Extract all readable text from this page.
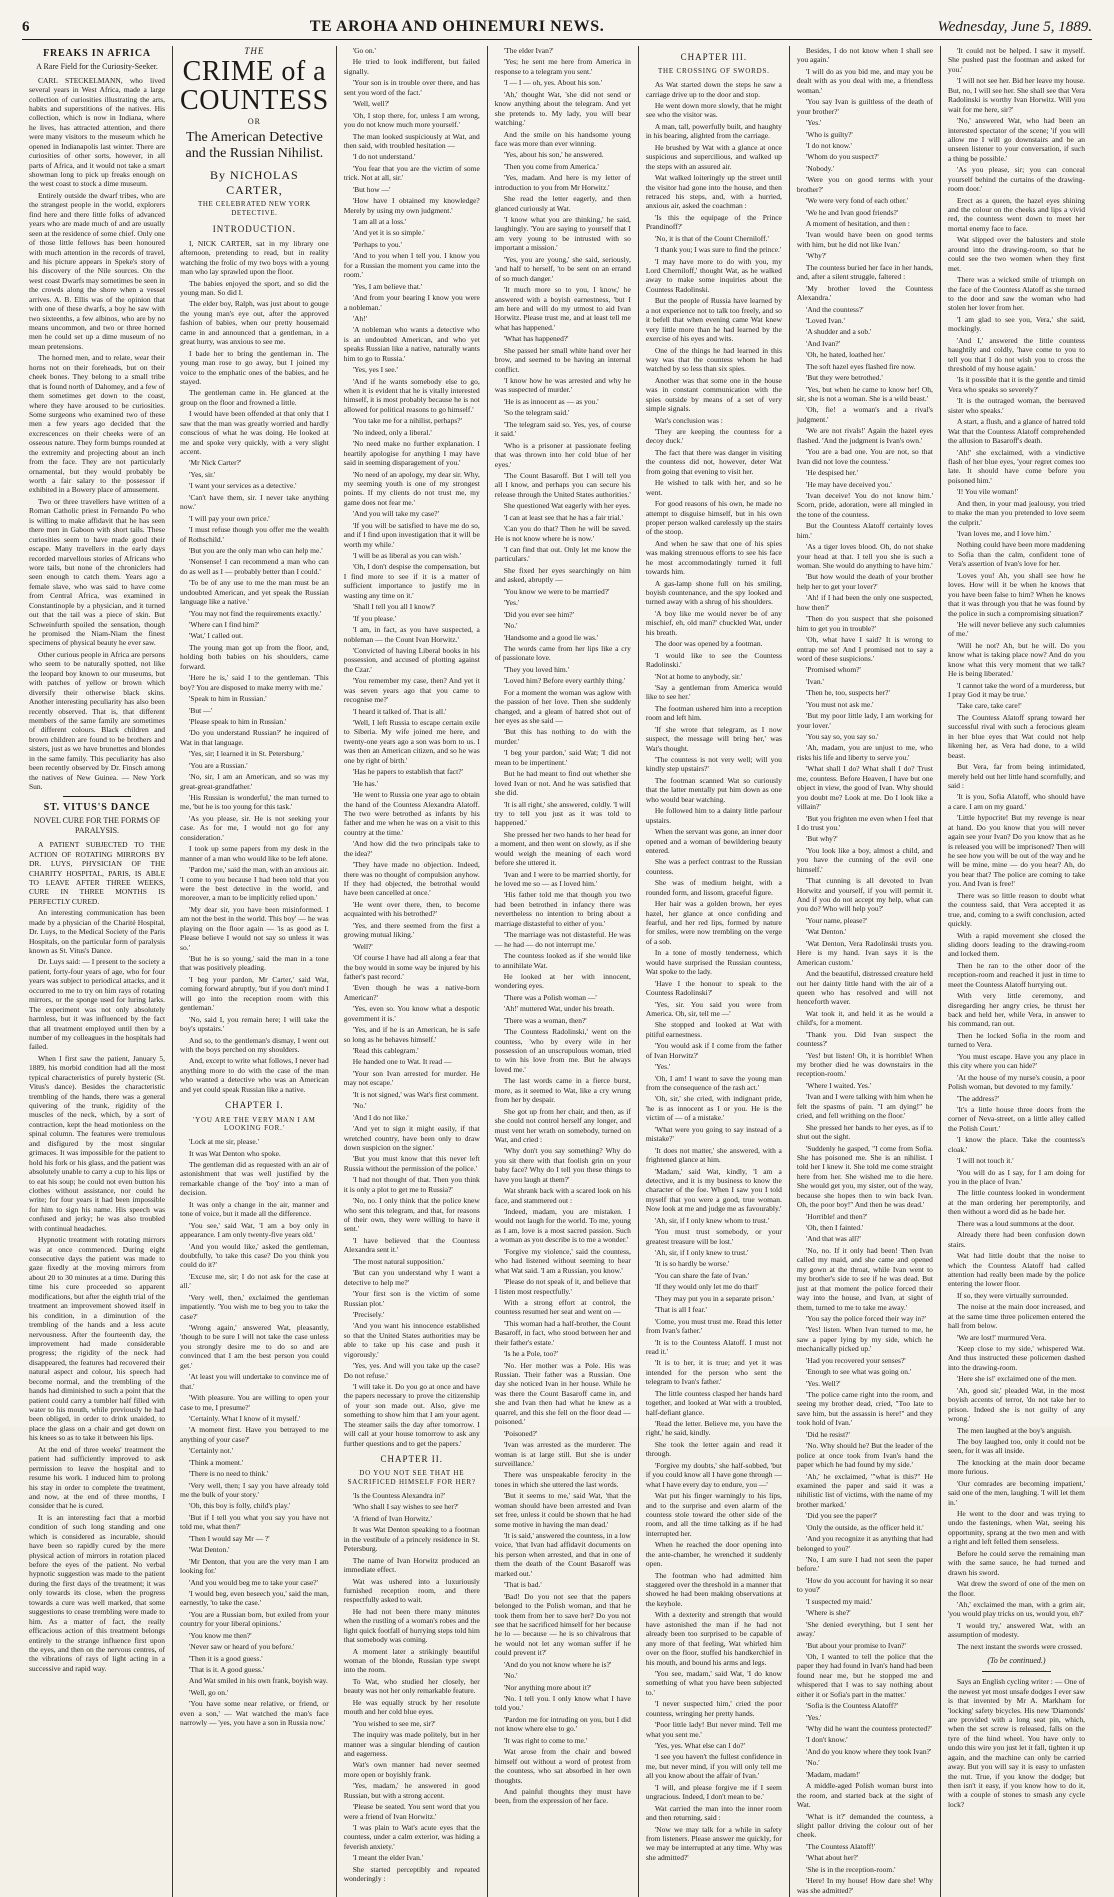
6	TE AROHA AND OHINEMURI NEWS.	Wednesday, June 5, 1889.
FREAKS IN AFRICA
A Rare Field for the Curiosity-Seeker.

CARL STECKELMANN, who lived several years in West Africa, made a large collection of curiosities illustrating the arts, habits and superstitions of the natives. His collection, which is now in Indiana, where he lives, has attracted attention, and there were many visitors to the museum which he opened in Indianapolis last winter. There are curiosities of other sorts, however, in all parts of Africa, and it would not take a smart showman long to pick up freaks enough on the west coast to stock a dime museum.

Entirely outside the dwarf tribes, who are the strangest people in the world, explorers find here and there little folks of advanced years who are made much of and are usually seen at the residence of some chief. Only one of those little fellows has been honoured with much attention in the records of travel, and his picture appears in Speke's story of his discovery of the Nile sources. On the west coast Dwarfs may sometimes be seen in the crowds along the shore when a vessel arrives. A. B. Ellis was of the opinion that with one of these dwarfs, a boy he saw with two sixteenths, a few albinos, who are by no means uncommon, and two or three horned men he could set up a dime museum of no mean pretensions.

The horned men, and to relate, wear their horns not on their foreheads, but on their cheek bones. They belong to a small tribe that is found north of Dahomey, and a few of them sometimes get down to the coast, where they have aroused to be curiosities. Some surgeons who examined two of these men a few years ago decided that the excrescences on their cheeks were of an osseous nature. They form bumps rounded at the extremity and projecting about an inch from the face. They are not particularly ornamental, but they would probably be worth a fair salary to the possessor if exhibited in a Bowery place of amusement.

Two or three travellers have written of a Roman Catholic priest in Fernando Po who is willing to make affidavit that he has seen there men in Gaboon with short tails. These curiosities seem to have made good their escape. Many travellers in the early days recorded marvellous stories of Africans who wore tails, but none of the chroniclers had seen enough to catch them. Years ago a female slave, who was said to have come from Central Africa, was examined in Constantinople by a physician, and it turned out that the tail was a piece of skin. But Schweinfurth spoiled the sensation, though he promised the Niam-Niam the finest specimens of physical beauty he ever saw.

Other curious people in Africa are persons who seem to be naturally spotted, not like the leopard boy known to our museums, but with patches of yellow or brown which diversify their otherwise black skins. Another interesting peculiarity has also been recently observed. That is, that different members of the same family are sometimes of different colours. Black children and brown children are found to be brothers and sisters, just as we have brunettes and blondes in the same family. This peculiarity has also been recently observed by Dr. Finsch among the natives of New Guinea. — New York Sun.

ST. VITUS'S DANCE
NOVEL CURE FOR THE FORMS OF PARALYSIS.

A PATIENT SUBJECTED TO THE ACTION OF ROTATING MIRRORS BY DR. LUYS, PHYSICIAN OF THE CHARITY HOSPITAL, PARIS, IS ABLE TO LEAVE AFTER THREE WEEKS, CURE IN THREE MONTHS IS PERFECTLY CURED.

An interesting communication has been made by a physician of the Charité Hospital, Dr. Luys, to the Medical Society of the Paris Hospitals, on the particular form of paralysis known as St. Vitus's Dance.

Dr. Luys said: — I present to the society a patient, forty-four years of age, who for four years was subject to periodical attacks, and it occurred to me to try on him rays of rotating mirrors, or the sponge used for luring larks. The experiment was not only absolutely harmless, but it was influenced by the fact that all treatment employed until then by a number of my colleagues in the hospitals had failed.

When I first saw the patient, January 5, 1889, his morbid condition had all the most typical characteristics of purely hysteric (St. Vitus's dance). Besides the characteristic trembling of the hands, there was a general quivering of the trunk, rigidity of the muscles of the neck, which, by a sort of contraction, kept the head motionless on the spinal column. The features were tremulous and disfigured by the most singular grimaces. It was impossible for the patient to hold his fork or his glass, and the patient was absolutely unable to carry a cup to his lips or to eat his soup; he could not even button his clothes without assistance, nor could he write; for four years it had been impossible for him to sign his name. His speech was confused and jerky; he was also troubled with continual headaches.

Hypnotic treatment with rotating mirrors was at once commenced. During eight consecutive days the patient was made to gaze fixedly at the moving mirrors from about 20 to 30 minutes at a time. During this time his cure proceeded so apparent modifications, but after the eighth trial of the treatment an improvement showed itself in his condition, in a diminution of the trembling of the hands and a less acute nervousness. After the fourteenth day, the improvement had made considerable progress; the rigidity of the neck had disappeared, the features had recovered their natural aspect and colour, his speech had become normal, and the trembling of the hands had diminished to such a point that the patient could carry a tumbler half filled with water to his mouth, while previously he had been obliged, in order to drink unaided, to place the glass on a chair and get down on his knees so as to take it between his lips.

At the end of three weeks' treatment the patient had sufficiently improved to ask permission to leave the hospital and to resume his work. I induced him to prolong his stay in order to complete the treatment, and now, at the end of three months, I consider that he is cured.

It is an interesting fact that a morbid condition of such long standing and one which is considered as incurable, should have been so rapidly cured by the mere physical action of mirrors in rotation placed before the eyes of the patient. No verbal hypnotic suggestion was made to the patient during the first days of the treatment; it was only towards its close, when the progress towards a cure was well marked, that some suggestions to cease trembling were made to him. As a matter of fact, the really efficacious action of this treatment belongs entirely to the strange influence first upon the eyes, and then on the nervous centres, of the vibrations of rays of light acting in a successive and rapid way.

THE
CRIME of a COUNTESS
OR
The American Detective and the Russian Nihilist.
By NICHOLAS CARTER,
THE CELEBRATED NEW YORK DETECTIVE.
INTRODUCTION.

I, NICK CARTER, sat in my library one afternoon, pretending to read, but in reality watching the frolic of my two boys with a young man who lay sprawled upon the floor.

The babies enjoyed the sport, and so did the young man. So did I.

The elder boy, Ralph, was just about to gouge the young man's eye out, after the approved fashion of babies, when our pretty housemaid came in and announced that a gentleman, in a great hurry, was anxious to see me.

I bade her to bring the gentleman in. The young man rose to go away, but I joined my voice to the emphatic ones of the babies, and he stayed.

The gentleman came in. He glanced at the group on the floor and frowned a little.

I would have been offended at that only that I saw that the man was greatly worried and hardly conscious of what he was doing. He looked at me and spoke very quickly, with a very slight accent.

'Mr Nick Carter?'

'Yes, sir.'

'I want your services as a detective.'

'Can't have them, sir. I never take anything now.'

'I will pay your own price.'

'I must refuse though you offer me the wealth of Rothschild.'

'But you are the only man who can help me.'

'Nonsense! I can recommend a man who can do as well as I — probably better than I could.'

'To be of any use to me the man must be an undoubted American, and yet speak the Russian language like a native.'

'You may not find the requirements exactly.'

'Where can I find him?'

'Wat,' I called out.

The young man got up from the floor, and, holding both babies on his shoulders, came forward.

'Here he is,' said I to the gentleman. 'This boy? You are disposed to make merry with me.'

'Speak to him in Russian.'

'But —'

'Please speak to him in Russian.'

'Do you understand Russian?' he inquired of Wat in that language.

'Yes, sir; I learned it in St. Petersburg.'

'You are a Russian.'

'No, sir, I am an American, and so was my great-great-grandfather.'

'His Russian is wonderful,' the man turned to me, 'but he is too young for this task.'

'As you please, sir. He is not seeking your case. As for me, I would not go for any consideration.'

I took up some papers from my desk in the manner of a man who would like to be left alone.

'Pardon me,' said the man, with an anxious air. 'I come to you because I had been told that you were the best detective in the world, and moreover, a man to be implicitly relied upon.'

'My dear sir, you have been misinformed. I am not the best in the world. This boy' — he was playing on the floor again — 'is as good as I. Please believe I would not say so unless it was so.'

'But he is so young,' said the man in a tone that was positively pleading.

'I beg your pardon, Mr Carter,' said Wat, coming forward abruptly, 'but if you don't mind I will go into the reception room with this gentleman.'

'No, said I, you remain here; I will take the boy's upstairs.'

And so, to the gentleman's dismay, I went out with the boys perched on my shoulders.

And, except to write what follows, I never had anything more to do with the case of the man who wanted a detective who was an American and yet could speak Russian like a native.

CHAPTER I.
'YOU ARE THE VERY MAN I AM LOOKING FOR.'

'Lock at me sir, please.'

It was Wat Denton who spoke.

The gentleman did as requested with an air of astonishment that was well justified by the remarkable change of the 'boy' into a man of decision.

It was only a change in the air, manner and tone of voice, but it made all the difference.

'You see,' said Wat, 'I am a boy only in appearance. I am only twenty-five years old.'

'And you would like,' asked the gentleman, doubtfully, 'to take this case? Do you think you could do it?'

'Excuse me, sir; I do not ask for the case at all.'

'Very well, then,' exclaimed the gentleman impatiently. 'You wish me to beg you to take the case?'

'Wrong again,' answered Wat, pleasantly, 'though to be sure I will not take the case unless you strongly desire me to do so and are convinced that I am the best person you could get.'

'At least you will undertake to convince me of that.'

'With pleasure. You are willing to open your case to me, I presume?'

'Certainly. What I know of it myself.'

'A moment first. Have you betrayed to me anything of your case?'

'Certainly not.'

'Think a moment.'

'There is no need to think.'

'Very well, then; I say you have already told me the bulk of your story.'

'Oh, this boy is folly, child's play.'

'But if I tell you what you say you have not told me, what then?'

'Then I would say Mr — ?'

'Wat Denton.'

'Mr Denton, that you are the very man I am looking for.'

'And you would beg me to take your case?'

'I would beg, even beseech you,' said the man, earnestly, 'to take the case.'

'You are a Russian born, but exiled from your country for your liberal opinions.'

'You know me then?'

'Never saw or heard of you before.'

'Then it is a good guess.'

'That is it. A good guess.'

And Wat smiled in his own frank, boyish way.

'Well, go on.'

'You have some near relative, or friend, or even a son,' — Wat watched the man's face narrowly — 'yes, you have a son in Russia now.'

'Go on.'

He tried to look indifferent, but failed signally.

'Your son is in trouble over there, and has sent you word of the fact.'

'Well, well?'

'Oh, I stop there, for, unless I am wrong, you do not know much more yourself.'

The man looked suspiciously at Wat, and then said, with troubled hesitation —

'I do not understand.'

'You fear that you are the victim of some trick. Not at all, sir.'

'But how —'

'How have I obtained my knowledge? Merely by using my own judgment.'

'I am all at a loss.'

'And yet it is so simple.'

'Perhaps to you.'

'And to you when I tell you. I know you for a Russian the moment you came into the room.'

'Yes, I am believe that.'

'And from your bearing I know you were a nobleman.'

'Ah!'

'A nobleman who wants a detective who is an undoubted American, and who yet speaks Russian like a native, naturally wants him to go to Russia.'

'Yes, yes I see.'

'And if he wants somebody else to go, when it is evident that he is vitally interested himself, it is most probably because he is not allowed for political reasons to go himself.'

'You take me for a nihilist, perhaps?'

'No indeed, only a liberal.'

'No need make no further explanation. I heartily apologise for anything I may have said in seeming disparagement of you.'

'No need of an apology, my dear sir. Why, my seeming youth is one of my strongest points. If my clients do not trust me, my game does not fear me.'

'And you will take my case?'

'If you will be satisfied to have me do so, and if I find upon investigation that it will be worth my while.'

'I will be as liberal as you can wish.'

'Oh, I don't despise the compensation, but I find more to see if it is a matter of sufficient importance to justify me in wasting any time on it.'

'Shall I tell you all I know?'

'If you please.'

'I am, in fact, as you have suspected, a nobleman — the Count Ivan Horwitz.'

'Convicted of having Liberal books in his possession, and accused of plotting against the Czar.'

'You remember my case, then? And yet it was seven years ago that you came to recognise me?'

'I heard it talked of. That is all.'

'Well, I left Russia to escape certain exile to Siberia. My wife joined me here, and twenty-one years ago a son was born to us. I was then an American citizen, and so he was one by right of birth.'

'Has he papers to establish that fact?'

'He has.'

'He went to Russia one year ago to obtain the hand of the Countess Alexandra Alatoff. The two were betrothed as infants by his father and me when he was on a visit to this country at the time.'

'And how did the two principals take to the idea?'

'They have made no objection. Indeed, there was no thought of compulsion anyhow. If they had objected, the betrothal would have been cancelled at once.'

'He went over there, then, to become acquainted with his betrothed?'

'Yes, and there seemed from the first a growing mutual liking.'

'Well?'

'Of course I have had all along a fear that the boy would in some way be injured by his father's past record.'

'Even though he was a native-born American?'

'Yes, even so. You know what a despotic government it is.'

'Yes, and if he is an American, he is safe so long as he behaves himself.'

'Read this cablegram.'

He handed one to Wat. It read —

'Your son Ivan arrested for murder. He may not escape.'

'It is not signed,' was Wat's first comment.

'No.'

'And I do not like.'

'And yet to sign it might easily, if that wretched country, have been only to draw down suspicion on the signer.'

'But you must know that this never left Russia without the permission of the police.'

'I had not thought of that. Then you think it is only a plot to get me to Russia?'

'No, no. I only think that the police knew who sent this telegram, and that, for reasons of their own, they were willing to have it sent.'

'I have believed that the Countess Alexandra sent it.'

'The most natural supposition.'

'But can you understand why I want a detective to help me?'

'Your first son is the victim of some Russian plot.'

'Precisely.'

'And you want his innocence established so that the United States authorities may be able to take up his case and push it vigorously.'

'Yes, yes. And will you take up the case? Do not refuse.'

'I will take it. Do you go at once and have the papers necessary to prove the citizenship of your son made out. Also, give me something to show him that I am your agent. The steamer sails the day after tomorrow. I will call at your house tomorrow to ask any further questions and to get the papers.'

CHAPTER II.
DO YOU NOT SEE THAT HE SACRIFICED HIMSELF FOR HER?

'Is the Countess Alexandra in?'

'Who shall I say wishes to see her?'

'A friend of Ivan Horwitz.'

It was Wat Denton speaking to a footman in the vestibule of a princely residence in St. Petersburg.

The name of Ivan Horwitz produced an immediate effect.

Wat was ushered into a luxuriously furnished reception room, and there respectfully asked to wait.

He had not been there many minutes when the rustling of a woman's robes and the light quick footfall of hurrying steps told him that somebody was coming.

A moment later a strikingly beautiful woman of the blonde, Russian type swept into the room.

To Wat, who studied her closely, her beauty was not her only remarkable feature.

He was equally struck by her resolute mouth and her cold blue eyes.

'You wished to see me, sir?'

The inquiry was made politely, but in her manner was a singular blending of caution and eagerness.

Wat's own manner had never seemed more open or boyishly frank.

'Yes, madam,' he answered in good Russian, but with a strong accent.

'Please be seated. You sent word that you were a friend of Ivan Horwitz.'

'I was plain to Wat's acute eyes that the countess, under a calm exterior, was hiding a feverish anxiety.'

'I meant the elder Ivan.'

She started perceptibly and repeated wonderingly :

'The elder Ivan?'

'Yes; he sent me here from America in response to a telegram you sent.'

'I — I — oh, yes. About his son.'

'Ah,' thought Wat, 'she did not send or know anything about the telegram. And yet she pretends to. My lady, you will bear watching.'

And the smile on his handsome young face was more than ever winning.

'Yes, about his son,' he answered.

'Then you come from America.'

'Yes, madam. And here is my letter of introduction to you from Mr Horwitz.'

She read the letter eagerly, and then glanced curiously at Wat.

'I know what you are thinking,' he said, laughingly. 'You are saying to yourself that I am very young to be intrusted with so important a mission.'

'Yes, you are young,' she said, seriously, 'and half to herself, 'to be sent on an errand of so much danger.'

'It much more so to you, I know,' he answered with a boyish earnestness, 'but I am here and will do my utmost to aid Ivan Horwitz. Please trust me, and at least tell me what has happened.'

'What has happened?'

She passed her small white hand over her brow, and seemed to be having an internal conflict.

'I know how he was arrested and why he was suspected of murder.'

'He is as innocent as — as you.'

'So the telegram said.'

'The telegram said so. Yes, yes, of course it said.'

'Who is a prisoner at passionate feeling that was thrown into her cold blue of her eyes.'

'The Count Basaroff. But I will tell you all I know, and perhaps you can secure his release through the United States authorities.'

She questioned Wat eagerly with her eyes.

'I can at least see that he has a fair trial.'

'Can you do that? Then he will be saved. He is not know where he is now.'

'I can find that out. Only let me know the particulars.'

She fixed her eyes searchingly on him and asked, abruptly —

'You know we were to be married?'

'Yes.'

'Did you ever see him?'

'No.'

'Handsome and a good lie was.'

The words came from her lips like a cry of passionate love.

'They you loved him.'

'Loved him? Before every earthly thing.'

For a moment the woman was aglow with the passion of her love. Then she suddenly changed, and a gleam of hatred shot out of her eyes as she said —

'But this has nothing to do with the murder.'

'I beg your pardon,' said Wat; 'I did not mean to be impertinent.'

But he had meant to find out whether she loved Ivan or not. And he was satisfied that she did.

'It is all right,' she answered, coldly. 'I will try to tell you just as it was told to happened.'

She pressed her two hands to her head for a moment, and then went on slowly, as if she would weigh the meaning of each word before she uttered it.

'Ivan and I were to be married shortly, for he loved me so — as I loved him.'

'His father told me that though you two had been betrothed in infancy there was nevertheless no intention to bring about a marriage distasteful to either of you.'

'The marriage was not distasteful. He was — he had — do not interrupt me.'

The countess looked as if she would like to annihilate Wat.

He looked at her with innocent, wondering eyes.

'There was a Polish woman —'

'Ah!' muttered Wat, under his breath.

'There was a woman, then?'

'The Countess Radolinski,' went on the countess, 'who by every wile in her possession of an unscrupulous woman, tried to win his love from me. But he always loved me.'

The last words came in a fierce burst, more, as it seemed to Wat, like a cry wrung from her by despair.

She got up from her chair, and then, as if she could not control herself any longer, and must vent her wrath on somebody, turned on Wat, and cried :

'Why don't you say something? Why do you sit there with that foolish grin on your baby face? Why do I tell you these things to have you laugh at them?'

Wat shrank back with a scared look on his face, and stammered out :

'Indeed, madam, you are mistaken. I would not laugh for the world. To me, young as I am, love is a most sacred passion. Such a woman as you describe is to me a wonder.'

'Forgive my violence,' said the countess, who had listened without seeming to hear what Wat said. 'I am a Russian, you know.'

'Please do not speak of it, and believe that I listen most respectfully.'

With a strong effort at control, the countess resumed her seat and went on —

'This woman had a half-brother, the Count Basaroff, in fact, who stood between her and their father's estate.'

'Is he a Pole, too?'

'No. Her mother was a Pole. His was Russian. Their father was a Russian. One day she noticed Ivan in her house. While he was there the Count Basaroff came in, and she and Ivan then had what he knew as a quarrel, and this she fell on the floor dead — poisoned.'

'Poisoned?'

'Ivan was arrested as the murderer. The woman is at large still. But she is under surveillance.'

There was unspeakable ferocity in the tones in which she uttered the last words.

'But it seems to me,' said Wat, 'that the woman should have been arrested and Ivan set free, unless it could be shown that he had some motive in having the man dead.'

'It is said,' answered the countess, in a low voice, 'that Ivan had affidavit documents on his person when arrested, and that in one of them the death of the Count Basaroff was marked out.'

'That is bad.'

'Bad! Do you not see that the papers belonged to the Polish woman, and that he took them from her to save her? Do you not see that he sacrificed himself for her because he lo — because — he is so chivalrous that he would not let any woman suffer if he could prevent it?'

'And do you not know where he is?'

'No.'

'Nor anything more about it?'

'No. I tell you. I only know what I have told you.'

'Pardon me for intruding on you, but I did not know where else to go.'

'It was right to come to me.'

Wat arose from the chair and bowed himself out without a word of protest from the countess, who sat absorbed in her own thoughts.

And painful thoughts they must have been, from the expression of her face.

CHAPTER III.
THE CROSSING OF SWORDS.

As Wat started down the steps he saw a carriage drive up to the door and stop.

He went down more slowly, that he might see who the visitor was.

A man, tall, powerfully built, and haughty in his bearing, alighted from the carriage.

He brushed by Wat with a glance at once suspicious and supercilious, and walked up the steps with an assured air.

Wat walked loiteringly up the street until the visitor had gone into the house, and then retraced his steps, and, with a hurried, anxious air, asked the coachman :

'Is this the equipage of the Prince Prandinoff?'

'No, it is that of the Count Cherniloff.'

'I thank you; I was sure to find the prince.'

'I may have more to do with you, my Lord Cherniloff,' thought Wat, as he walked away to make some inquiries about the Countess Radolinski.

But the people of Russia have learned by a not experience not to talk too freely, and so it befell that when evening came Wat knew very little more than he had learned by the exercise of his eyes and wits.

One of the things he had learned in this way was that the countess whom he had watched by so less than six spies.

Another was that some one in the house was in constant communication with the spies outside by means of a set of very simple signals.

Wat's conclusion was :

'They are keeping the countess for a decoy duck.'

The fact that there was danger in visiting the countess did not, however, deter Wat from going that evening to visit her.

He wished to talk with her, and so he went.

For good reasons of his own, he made no attempt to disguise himself, but in his own proper person walked carelessly up the stairs of the stoop.

And when he saw that one of his spies was making strenuous efforts to see his face he most accommodatingly turned it full towards him.

A gas-lamp shone full on his smiling, boyish countenance, and the spy looked and turned away with a shrug of his shoulders.

'A boy like me would never be of any mischief, eh, old man?' chuckled Wat, under his breath.

The door was opened by a footman.

'I would like to see the Countess Radolinski.'

'Not at home to anybody, sir.'

'Say a gentleman from America would like to see her.'

The footman ushered him into a reception room and left him.

'If she wrote that telegram, as I now suspect, the message will bring her,' was Wat's thought.

'The countess is not very well; will you kindly step upstairs?'

The footman scanned Wat so curiously that the latter mentally put him down as one who would bear watching.

He followed him to a dainty little parlour upstairs.

When the servant was gone, an inner door opened and a woman of bewildering beauty entered.

She was a perfect contrast to the Russian countess.

She was of medium height, with a rounded form, and lissom, graceful figure.

Her hair was a golden brown, her eyes hazel, her glance at once confiding and fearful, and her red lips, formed by nature for smiles, were now trembling on the verge of a sob.

In a tone of mostly tenderness, which would have surprised the Russian countess, Wat spoke to the lady.

'Have I the honour to speak to the Countess Radolinski?'

'Yes, sir. You said you were from America. Oh, sir, tell me —'

She stopped and looked at Wat with pitiful earnestness.

'You would ask if I come from the father of Ivan Horwitz?'

'Yes.'

'Oh, I am! I want to save the young man from the consequence of the rash act.'

'Oh, sir,' she cried, with indignant pride, 'he is as innocent as I or you. He is the victim of — of a mistake.'

'What were you going to say instead of a mistake?'

'It does not matter,' she answered, with a frightened glance at him.

'Madam,' said Wat, kindly, 'I am a detective, and it is my business to know the character of the foe. When I saw you I told myself that you were a good, true woman. Now look at me and judge me as favourably.'

'Ah, sir, if I only knew whom to trust.'

'You must trust somebody, or your greatest treasure will be lost.'

'Ah, sir, if I only knew to trust.'

'It is so hardly be worse.'

'You can share the fate of Ivan.'

'If they would only let me do that!'

'They may put you in a separate prison.'

'That is all I fear.'

'Come, you must trust me. Read this letter from Ivan's father.'

'It is to the Countess Alatoff. I must not read it.'

'It is to her, it is true; and yet it was intended for the person who sent the telegram to Ivan's father.'

The little countess clasped her hands hard together, and looked at Wat with a troubled, half-defiant glance.

'Read the letter. Believe me, you have the right,' he said, kindly.

She took the letter again and read it through.

'Forgive my doubts,' she half-sobbed, 'but if you could know all I have gone through — what I have every day to endure, you —'

Wat put his finger warningly to his lips, and to the surprise and even alarm of the countess stole toward the other side of the room, and all the time talking as if he had interrupted her.

When he reached the door opening into the ante-chamber, he wrenched it suddenly open.

The footman who had admitted him staggered over the threshold in a manner that showed he had been making observations at the keyhole.

With a dexterity and strength that would have astonished the man if he had not already been too surprised to be capable of any more of that feeling, Wat whirled him over on the floor, stuffed his handkerchief in his mouth, and bound his arms and legs.

'You see, madam,' said Wat, 'I do know something of what you have been subjected to.'

'I never suspected him,' cried the poor countess, wringing her pretty hands.

'Poor little lady! But never mind. Tell me what you sent me.'

'Yes, yes. What else can I do?'

'I see you haven't the fullest confidence in me, but never mind, if you will only tell me all you know about the affair of Ivan.'

'I will, and please forgive me if I seem ungracious. Indeed, I don't mean to be.'

Wat carried the man into the inner room and then returning, said :

'Now we may talk for a while in safety from listeners. Please answer me quickly, for we may be interrupted at any time. Why was she admitted?'

Besides, I do not know when I shall see you again.'

'I will do as you bid me, and may you be dealt with as you deal with me, a friendless woman.'

'You say Ivan is guiltless of the death of your brother?'

'Yes.'

'Who is guilty?'

'I do not know.'

'Whom do you suspect?'

'Nobody.'

'Were you on good terms with your brother?'

'We were very fond of each other.'

'We he and Ivan good friends?'

A moment of hesitation, and then :

'Ivan would have been on good terms with him, but he did not like Ivan.'

'Why?'

The countess buried her face in her hands, and, after a silent struggle, faltered :

'My brother loved the Countess Alexandra.'

'And the countess?'

'Loved Ivan.'

'A shudder and a sob.'

'And Ivan?'

'Oh, he hated, loathed her.'

The soft hazel eyes flashed fire now.

'But they were betrothed.'

'Yes, but when he came to know her! Oh, sir, she is not a woman. She is a wild beast.'

'Oh, fie! a woman's and a rival's judgment.'

'We are not rivals!' Again the hazel eyes flashed. 'And the judgment is Ivan's own.'

'You are a bad one. You are not, so that Ivan did not love the countess.'

'He despised her.'

'He may have deceived you.'

'Ivan deceive! You do not know him.' Scorn, pride, adoration, were all mingled in the tone of the countess.

But the Countess Alatoff certainly loves him.'

'As a tiger loves blood. Oh, do not shake your head at that. I tell you she is such a woman. She would do anything to have him.'

'But how would the death of your brother help her to get your lover?'

'Ah! if I had been the only one suspected, how then?'

'Then do you suspect that she poisoned him to get you in trouble?'

'Oh, what have I said? It is wrong to entrap me so! And I promised not to say a word of these suspicions.'

'Promised whom?'

'Ivan.'

'Then he, too, suspects her?'

'You must not ask me.'

'But my poor little lady, I am working for your lover.'

'You say so, you say so.'

'Ah, madam, you are unjust to me, who risks his life and liberty to serve you.'

'What shall I do? What shall I do? Trust me, countess. Before Heaven, I have but one object in view, the good of Ivan. Why should you doubt me? Look at me. Do I look like a villain?'

'But you frighten me even when I feel that I do trust you.'

'But why?'

'You look like a boy, almost a child, and you have the cunning of the evil one himself.'

'That cunning is all devoted to Ivan Horwitz and yourself, if you will permit it. And if you do not accept my help, what can you do? Who will help you?'

'Your name, please?'

'Wat Denton.'

'Wat Denton, Vera Radolinski trusts you. Here is my hand. Ivan says it is the American custom.'

And the beautiful, distressed creature held out her dainty little hand with the air of a queen who has resolved and will not henceforth waver.

Wat took it, and held it as he would a child's, for a moment.

'Thank you. Did Ivan suspect the countess?'

'Yes! but listen! Oh, it is horrible! When my brother died he was downstairs in the reception-room.'

'Where I waited. Yes.'

'Ivan and I were talking with him when he felt the spasms of pain. "I am dying!" he cried, and fell writhing on the floor.'

She pressed her hands to her eyes, as if to shut out the sight.

'Suddenly he gasped, "I come from Sofia. She has poisoned me. She is an nihilist. I told her I knew it. She told me come straight here from her. She wished me to die here. She would get you, my sister, out of the way, because she hopes then to win back Ivan. Oh, the poor boy!" And then he was dead.'

'Horrible! and then?'

'Oh, then I fainted.'

'And that was all?'

'No, no. If it only had been! Then Ivan called my maid, and she came and opened my gown at the throat, while Ivan went to my brother's side to see if he was dead. But just at that moment the police forced their way into the house, and Ivan, at sight of them, turned to me to take me away.'

'You say the police forced their way in?'

'Yes! listen. When Ivan turned to me, he saw a paper lying by my side, which he mechanically picked up.'

'Had you recovered your senses?'

'Enough to see what was going on.'

'Yes. Well?'

'The police came right into the room, and seeing my brother dead, cried, "Too late to save him, but the assassin is here!" and they took hold of Ivan.'

'Did he resist?'

'No. Why should he? But the leader of the police at once took from Ivan's hand the paper which he had found by my side.'

'Ah,' he exclaimed, '"what is this?" He examined the paper and said it was a nihilistic list of victims, with the name of my brother marked.'

'Did you see the paper?'

'Only the outside, as the officer held it.'

'And you recognize it as anything that had belonged to you?'

'No, I am sure I had not seen the paper before.'

'How do you account for having it so near to you?'

'I suspected my maid.'

'Where is she?'

'She denied everything, but I sent her away.'

'But about your promise to Ivan?'

'Oh, I wanted to tell the police that the paper they had found in Ivan's hand had been found near me, but he stopped me and whispered that I was to say nothing about either it or Sofia's part in the matter.'

'Sofia is the Countess Alatoff?'

'Yes.'

'Why did he want the countess protected?'

'I don't know.'

'And do you know where they took Ivan?'

'No.'

'Madam, madam!'

A middle-aged Polish woman burst into the room, and started back at the sight of Wat.

'What is it?' demanded the countess, a slight pallor driving the colour out of her cheek.

'The Countess Alatoff!'

'What about her?'

'She is in the reception-room.'

'Here! In my house! How dare she! Why was she admitted?'

'It could not be helped. I saw it myself. She pushed past the footman and asked for you.'

'I will not see her. Bid her leave my house. But, no, I will see her. She shall see that Vera Radolinski is worthy Ivan Horwitz. Will you wait for me here, sir?'

'No,' answered Wat, who had been an interested spectator of the scene; 'if you will allow me I will go downstairs and be an unseen listener to your conversation, if such a thing be possible.'

'As you please, sir; you can conceal yourself behind the curtains of the drawing-room door.'

Erect as a queen, the hazel eyes shining and the colour on the cheeks and lips a vivid red, the countess went down to meet her mortal enemy face to face.

Wat slipped over the balusters and stole around into the drawing-room, so that he could see the two women when they first met.

There was a wicked smile of triumph on the face of the Countess Alatoff as she turned to the door and saw the woman who had stolen her lover from her.

'I am glad to see you, Vera,' she said, mockingly.

'And I,' answered the little countess haughtily and coldly, 'have come to you to tell you that I do not wish you to cross the threshold of my house again.'

'Is it possible that it is the gentle and timid Vera who speaks so severely?'

'It is the outraged woman, the bereaved sister who speaks.'

A start, a flush, and a glance of hatred told Wat that the Countess Alatoff comprehended the allusion to Basaroff's death.

'Ah!' she exclaimed, with a vindictive flash of her blue eyes, 'your regret comes too late. It should have come before you poisoned him.'

'I! You vile woman!'

And then, in your mad jealousy, you tried to make the man you pretended to love seem the culprit.'

'Ivan loves me, and I love him.'

Nothing could have been more maddening to Sofia than the calm, confident tone of Vera's assertion of Ivan's love for her.

'Loves you! Ah, you shall see how he loves. How will it be when he knows that you have been false to him? When he knows that it was through you that he was found by the police in such a compromising situation?'

'He will never believe any such calumnies of me.'

'Will he not? Ah, but he will. Do you know what is taking place now? And do you know what this very moment that we talk? He is being liberated.'

'I cannot take the word of a murderess, but I pray God it may be true.'

'Take care, take care!'

The Countess Alatoff sprang toward her successful rival with such a ferocious gleam in her blue eyes that Wat could not help likening her, as Vera had done, to a wild beast.

But Vera, far from being intimidated, merely held out her little hand scornfully, and said :

'It is you, Sofia Alatoff, who should have a care. I am on my guard.'

'Little hypocrite! But my revenge is near at hand. Do you know that you will never again see your Ivan? Do you know that as he is released you will be imprisoned? Then will he see how you will be out of the way and he will be mine, mine — do you hear? Ah, do you hear that? The police are coming to take you. And Ivan is free!'

There was so little reason to doubt what the countess said, that Vera accepted it as true, and, coming to a swift conclusion, acted quickly.

With a rapid movement she closed the sliding doors leading to the drawing-room and locked them.

Then he ran to the other door of the reception-room and reached it just in time to meet the Countess Alatoff hurrying out.

With very little ceremony, and disregarding her angry cries, he thrust her back and held her, while Vera, in answer to his command, ran out.

Then he locked Sofia in the room and turned to Vera.

'You must escape. Have you any place in this city where you can hide?'

'At the house of my nurse's cousin, a poor Polish woman, but devoted to my family.'

'The address?'

'It's a little house three doors from the corner of Neva-street, on a little alley called the Polish Court.'

'I know the place. Take the countess's cloak.'

'I will not touch it.'

'You will do as I say, for I am doing for you in the place of Ivan.'

The little countess looked in wonderment at the man ordering her peremptorily, and then without a word did as he bade her.

There was a loud summons at the door.

Already there had been confusion down stairs.

Wat had little doubt that the noise to which the Countess Alatoff had called attention had really been made by the police entering the lower floor.

If so, they were virtually surrounded.

The noise at the main door increased, and at the same time three policemen entered the hall from below.

'We are lost!' murmured Vera.

'Keep close to my side,' whispered Wat. And thus instructed these policemen dashed into the drawing-room.

'Here she is!' exclaimed one of the men.

'Ah, good sir,' pleaded Wat, in the most boyish accents of terror, 'do not take her to prison. Indeed she is not guilty of any wrong.'

The men laughed at the boy's anguish.

The boy laughed too, only it could not be seen, for it was all inside.

The knocking at the main door became more furious.

'Our comrades are becoming impatient,' said one of the men, laughing. 'I will let them in.'

He went to the door and was trying to undo the fastenings, when Wat, seeing his opportunity, sprang at the two men and with a right and left felled them senseless.

Before he could serve the remaining man with the same sauce, he had turned and drawn his sword.

Wat drew the sword of one of the men on the floor.

'Ah,' exclaimed the man, with a grim air, 'you would play tricks on us, would you, eh?'

'I would try,' answered Wat, with an assumption of modesty.

The next instant the swords were crossed.

(To be continued.)

Says an English cycling writer : — One of the newest yet most unsafe dodges I ever saw is that invented by Mr A. Markham for 'locking' safety bicycles. His new 'Diamonds' are provided with a long seat pin, which, when the set screw is released, falls on the tyre of the hind wheel. You have only to undo this wire you just let it fall, tighten it up again, and the machine can only be carried away. But you will say it is easy to unfasten the nut. True, if you know the dodge; but then isn't it easy, if you know how to do it, with a couple of stones to smash any cycle lock?
